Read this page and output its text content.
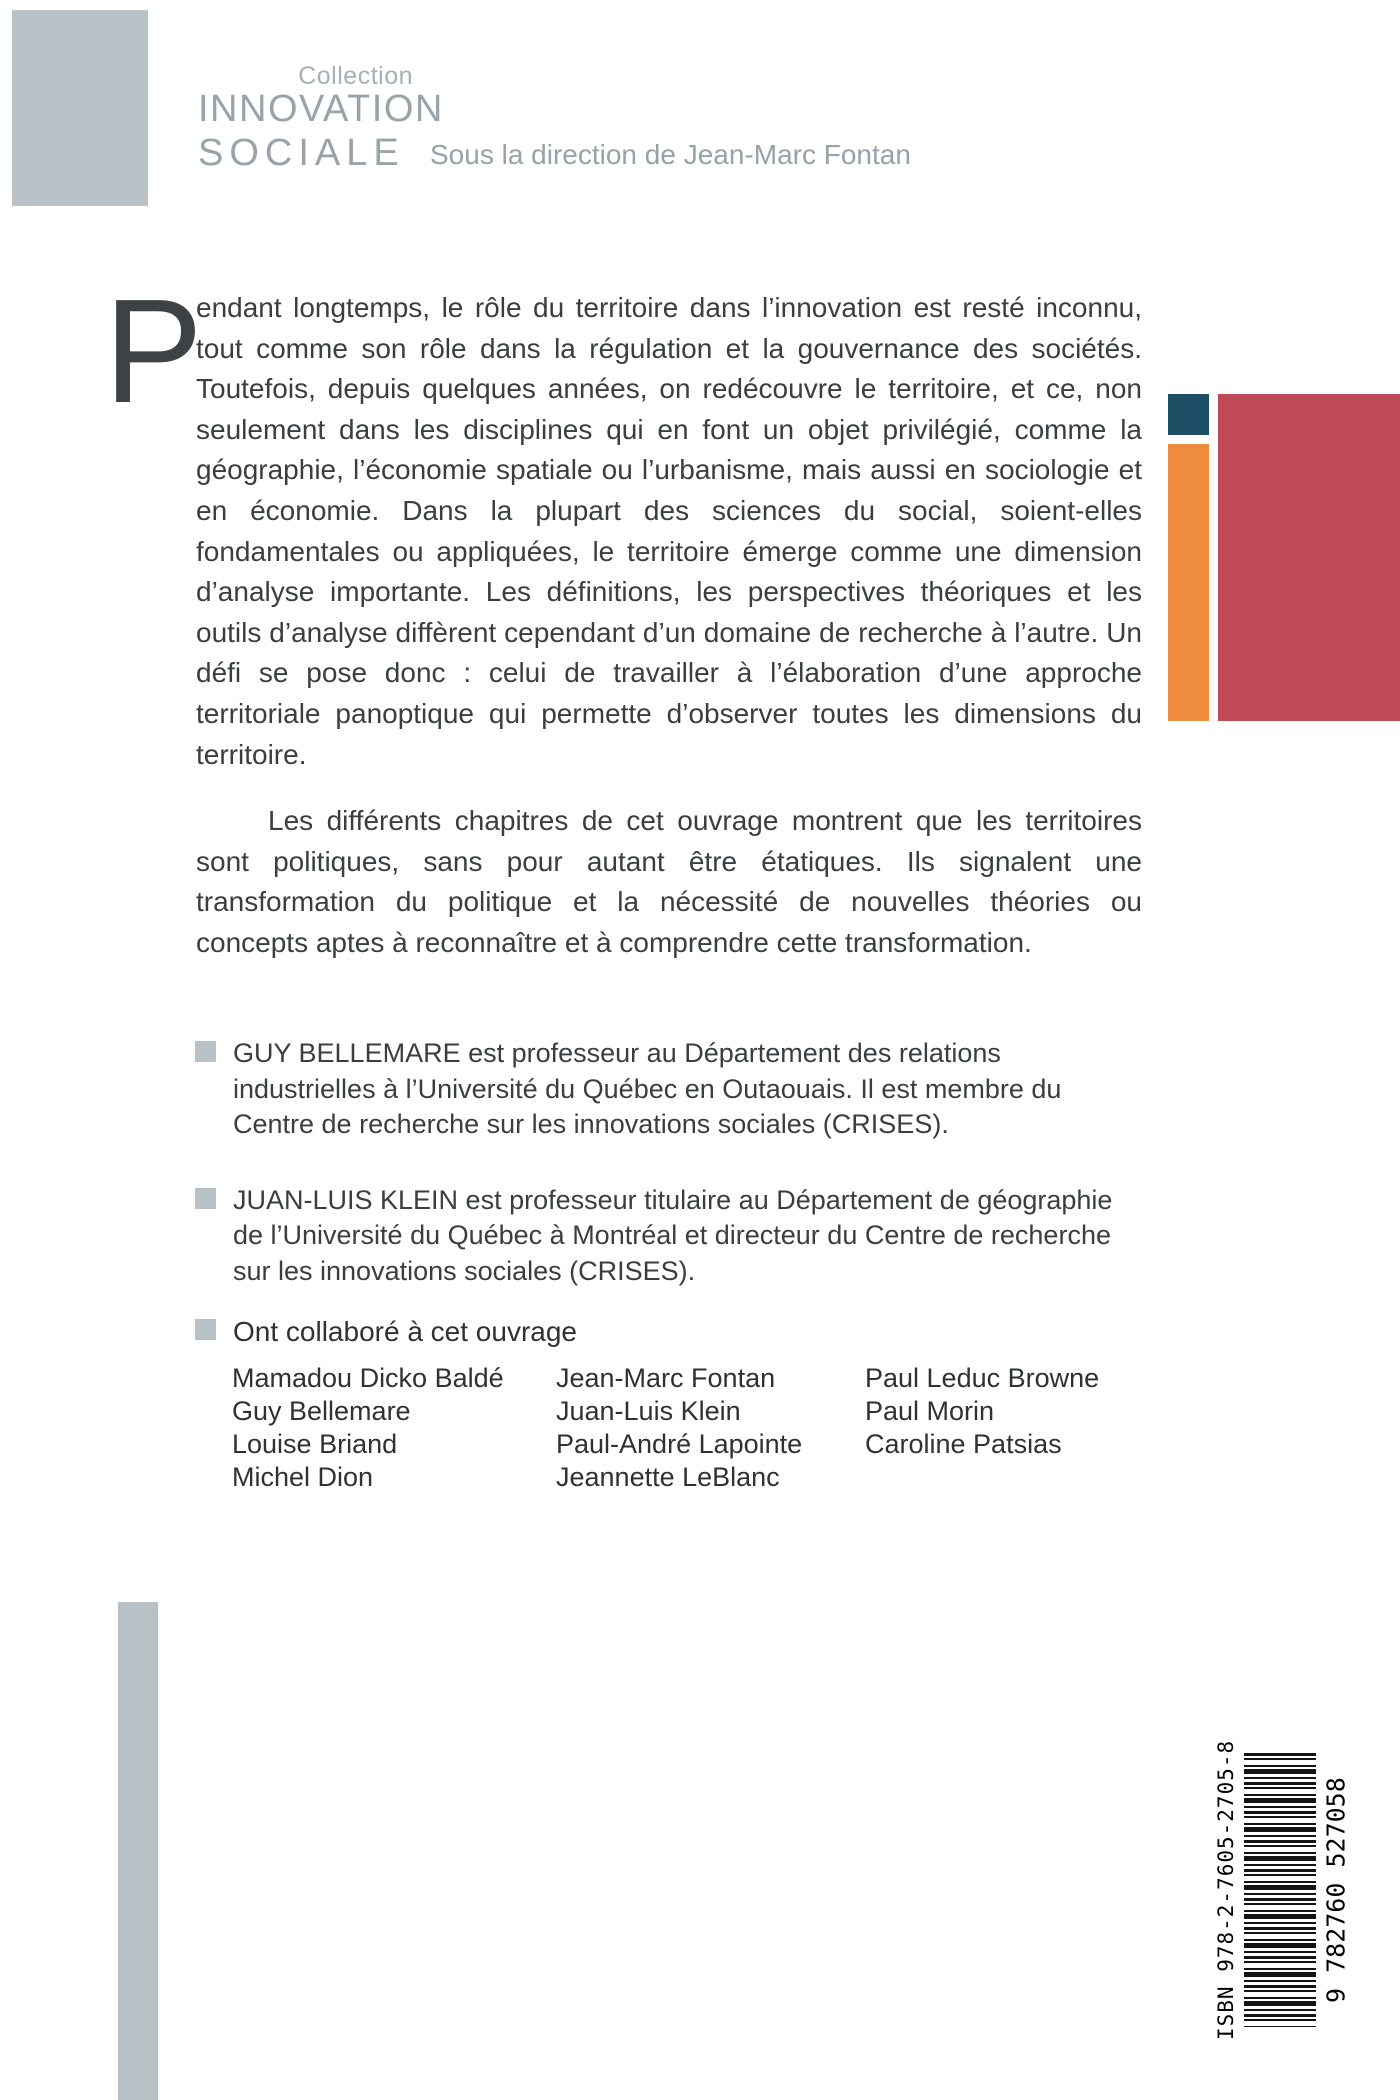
Collection
INNOVATION
SOCIALE Sous la direction de Jean-Marc Fontan
P
endant longtemps, le rôle du territoire dans l’innovation est resté inconnu, tout comme son rôle dans la régulation et la gouvernance des sociétés. Toutefois, depuis quelques années, on redécouvre le territoire, et ce, non seulement dans les disciplines qui en font un objet privilégié, comme la géographie, l’économie spatiale ou l’urbanisme, mais aussi en sociologie et en économie. Dans la plupart des sciences du social, soient-elles fondamentales ou appliquées, le territoire émerge comme une dimension d’analyse importante. Les définitions, les perspectives théoriques et les outils d’analyse diffèrent cependant d’un domaine de recherche à l’autre. Un défi se pose donc : celui de travailler à l’élaboration d’une approche territoriale panoptique qui permette d’observer toutes les dimensions du territoire.
Les différents chapitres de cet ouvrage montrent que les territoires sont politiques, sans pour autant être étatiques. Ils signalent une transformation du politique et la nécessité de nouvelles théories ou concepts aptes à reconnaître et à comprendre cette transformation.
GUY BELLEMARE est professeur au Département des relations industrielles à l’Université du Québec en Outaouais. Il est membre du Centre de recherche sur les innovations sociales (CRISES).
JUAN-LUIS KLEIN est professeur titulaire au Département de géographie de l’Université du Québec à Montréal et directeur du Centre de recherche sur les innovations sociales (CRISES).
Ont collaboré à cet ouvrage
Mamadou Dicko Baldé
Guy Bellemare
Louise Briand
Michel Dion
Jean-Marc Fontan
Juan-Luis Klein
Paul-André Lapointe
Jeannette LeBlanc
Paul Leduc Browne
Paul Morin
Caroline Patsias
ISBN 978-2-7605-2705-8	9 782760 527058
